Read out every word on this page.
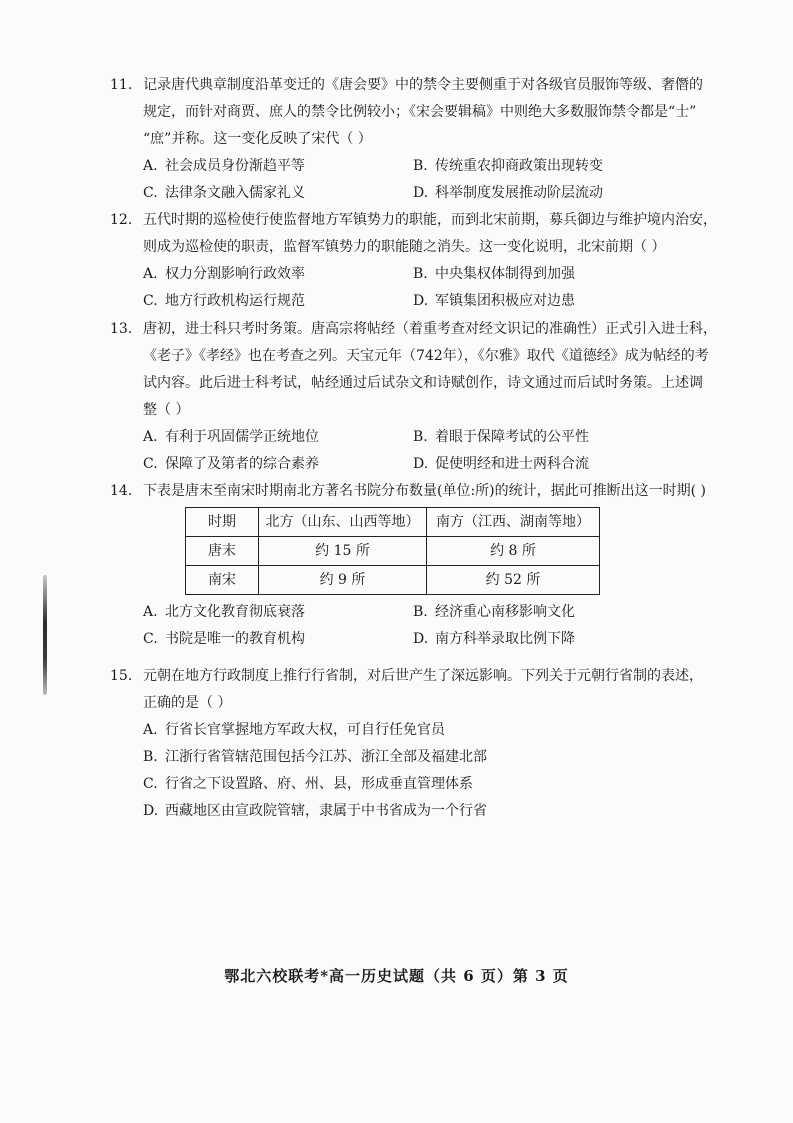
11. 记录唐代典章制度沿革变迁的《唐会要》中的禁令主要侧重于对各级官员服饰等级、奢僭的
规定，而针对商贾、庶人的禁令比例较小；《宋会要辑稿》中则绝大多数服饰禁令都是“士”
“庶”并称。这一变化反映了宋代（ ）
A. 社会成员身份渐趋平等	B. 传统重农抑商政策出现转变
C. 法律条文融入儒家礼义	D. 科举制度发展推动阶层流动
12. 五代时期的巡检使行使监督地方军镇势力的职能，而到北宋前期，募兵御边与维护境内治安，
则成为巡检使的职责，监督军镇势力的职能随之消失。这一变化说明，北宋前期（ ）
A. 权力分割影响行政效率	B. 中央集权体制得到加强
C. 地方行政机构运行规范	D. 军镇集团积极应对边患
13. 唐初，进士科只考时务策。唐高宗将帖经（着重考查对经文识记的准确性）正式引入进士科，
《老子》《孝经》也在考查之列。天宝元年（742年），《尔雅》取代《道德经》成为帖经的考
试内容。此后进士科考试，帖经通过后试杂文和诗赋创作，诗文通过而后试时务策。上述调
整（ ）
A. 有利于巩固儒学正统地位	B. 着眼于保障考试的公平性
C. 保障了及第者的综合素养	D. 促使明经和进士两科合流
14. 下表是唐末至南宋时期南北方著名书院分布数量(单位:所)的统计，据此可推断出这一时期( )
时期	北方（山东、山西等地）	南方（江西、湖南等地）
唐末	约 15 所	约 8 所
南宋	约 9 所	约 52 所
A. 北方文化教育彻底衰落	B. 经济重心南移影响文化
C. 书院是唯一的教育机构	D. 南方科举录取比例下降
15. 元朝在地方行政制度上推行行省制，对后世产生了深远影响。下列关于元朝行省制的表述，
正确的是（ ）
A. 行省长官掌握地方军政大权，可自行任免官员
B. 江浙行省管辖范围包括今江苏、浙江全部及福建北部
C. 行省之下设置路、府、州、县，形成垂直管理体系
D. 西藏地区由宣政院管辖，隶属于中书省成为一个行省
鄂北六校联考*高一历史试题（共 6 页）第 3 页
